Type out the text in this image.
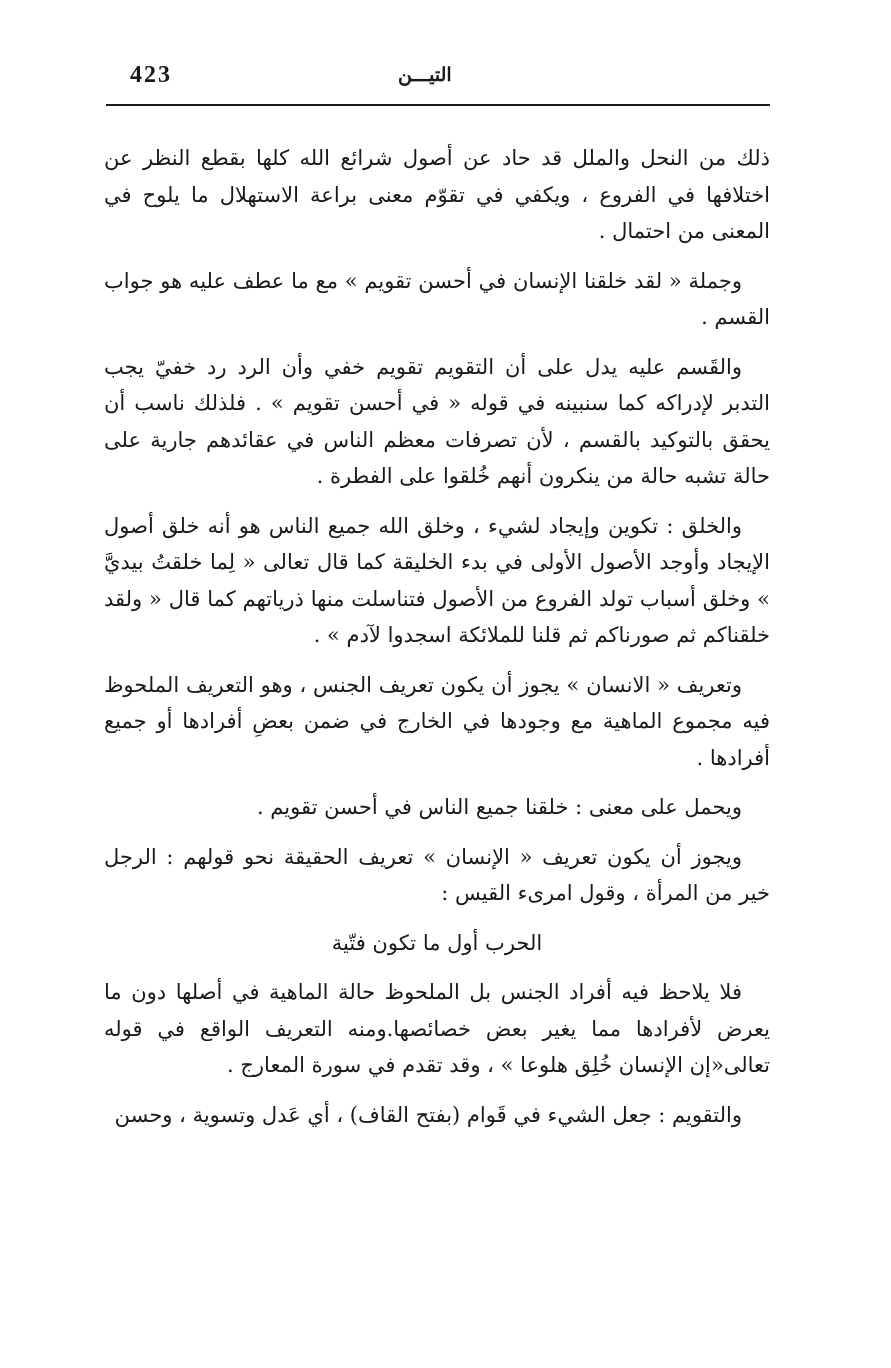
423	التيـــن

ذلك من النحل والملل قد حاد عن أصول شرائع الله كلها بقطع النظر عن اختلافها في الفروع ، ويكفي في تقوّم معنى براعة الاستهلال ما يلوح في المعنى من احتمال .

وجملة « لقد خلقنا الإنسان في أحسن تقويم » مع ما عطف عليه هو جواب القسم .

والقَسم عليه يدل على أن التقويم تقويم خفي وأن الرد رد خفيّ يجب التدبر لإدراكه كما سنبينه في قوله « في أحسن تقويم » . فلذلك ناسب أن يحقق بالتوكيد بالقسم ، لأن تصرفات معظم الناس في عقائدهم جارية على حالة تشبه حالة من ينكرون أنهم خُلقوا على الفطرة .

والخلق : تكوين وإيجاد لشيء ، وخلق الله جميع الناس هو أنه خلق أصول الإيجاد وأوجد الأصول الأولى في بدء الخليقة كما قال تعالى « لِما خلقتُ بيديَّ » وخلق أسباب تولد الفروع من الأصول فتناسلت منها ذرياتهم كما قال « ولقد خلقناكم ثم صورناكم ثم قلنا للملائكة اسجدوا لآدم » .

وتعريف « الانسان » يجوز أن يكون تعريف الجنس ، وهو التعريف الملحوظ فيه مجموع الماهية مع وجودها في الخارج في ضمن بعضِ أفرادها أو جميع أفرادها .

ويحمل على معنى : خلقنا جميع الناس في أحسن تقويم .

ويجوز أن يكون تعريف « الإنسان » تعريف الحقيقة نحو قولهم : الرجل خير من المرأة ، وقول امرىء القيس :

الحرب أول ما تكون فتّية

فلا يلاحظ فيه أفراد الجنس بل الملحوظ حالة الماهية في أصلها دون ما يعرض لأفرادها مما يغير بعض خصائصها.ومنه التعريف الواقع في قوله تعالى«إن الإنسان خُلِق هلوعا » ، وقد تقدم في سورة المعارج .

والتقويم : جعل الشيء في قَوام (بفتح القاف) ، أي عَدل وتسوية ، وحسن
